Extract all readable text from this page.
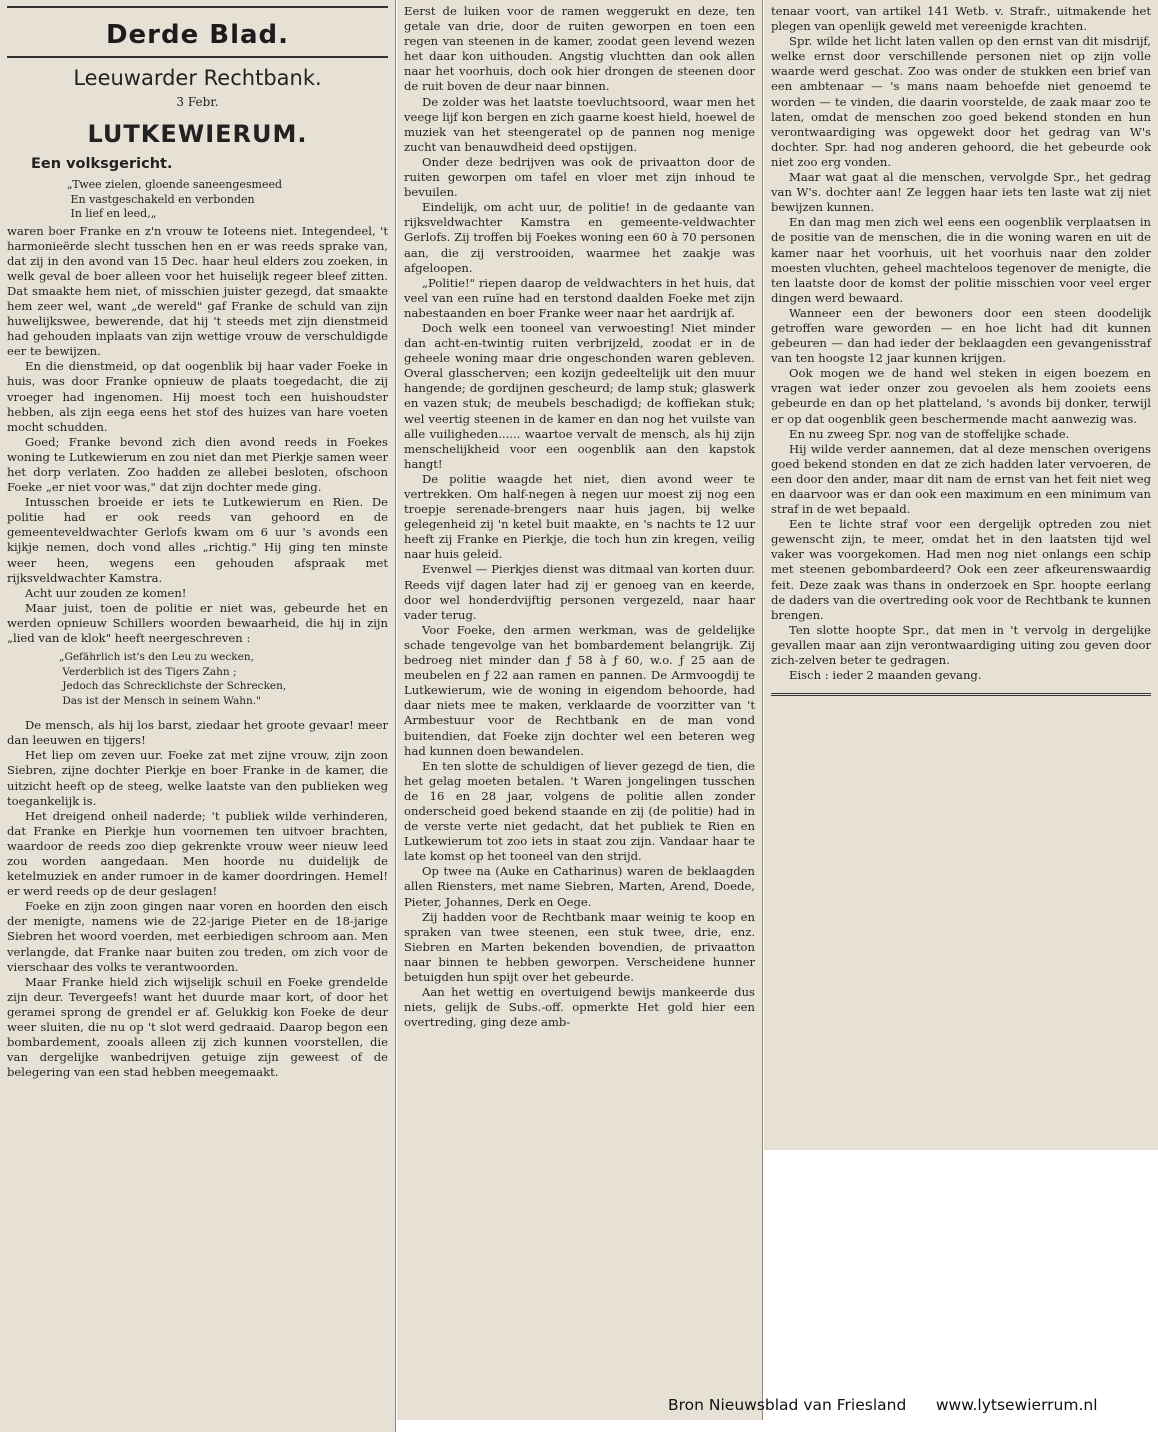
Derde Blad.
Leeuwarder Rechtbank.
3 Febr.
LUTKEWIERUM.
Een volksgericht.
„Twee zielen, gloende saneengesmeed
En vastgeschakeld en verbonden
In lief en leed,„

waren boer Franke en z'n vrouw te Ioteens niet. Integendeel, 't harmonieërde slecht tusschen hen en er was reeds sprake van, dat zij in den avond van 15 Dec. haar heul elders zou zoeken, in welk geval de boer alleen voor het huiselijk regeer bleef zitten. Dat smaakte hem niet, of misschien juister gezegd, dat smaakte hem zeer wel, want „de wereld" gaf Franke de schuld van zijn huwelijksweе, bewerende, dat hij 't steeds met zijn dienstmeid had gehouden inplaats van zijn wettige vrouw de verschuldigde eer te bewijzen.

En die dienstmeid, op dat oogenblik bij haar vader Foeke in huis, was door Franke opnieuw de plaats toegedacht, die zij vroeger had ingenomen. Hij moest toch een huishoudster hebben, als zijn eega eens het stof des huizes van hare voeten mocht schudden.

Goed; Franke bevond zich dien avond reeds in Foekes woning te Lutkewierum en zou niet dan met Pierkje samen weer het dorp verlaten. Zoo hadden ze allebei besloten, ofschoon Foeke „er niet voor was," dat zijn dochter mede ging.

Intusschen broeide er iets te Lutkewierum en Rien. De politie had er ook reeds van gehoord en de gemeenteveldwachter Gerlofs kwam om 6 uur 's avonds een kijkje nemen, doch vond alles „richtig." Hij ging ten minste weer heen, wegens een gehouden afspraak met rijksveldwachter Kamstra.

Acht uur zouden ze komen!

Maar juist, toen de politie er niet was, gebeurde het en werden opnieuw Schillers woorden bewaarheid, die hij in zijn „lied van de klok" heeft neergeschreven :

„Gefährlich ist's den Leu zu wecken,
Verderblich ist des Tigers Zahn ;
Jedoch das Schrecklichste der Schrecken,
Das ist der Mensch in seinem Wahn."

De mensch, als hij los barst, ziedaar het groote gevaar! meer dan leeuwen en tijgers!

Het liep om zeven uur. Foeke zat met zijne vrouw, zijn zoon Siebren, zijne dochter Pierkje en boer Franke in de kamer, die uitzicht heeft op de steeg, welke laatste van den publieken weg toegankelijk is.

Het dreigend onheil naderde; 't publiek wilde verhinderen, dat Franke en Pierkje hun voornemen ten uitvoer brachten, waardoor de reeds zoo diep gekrenkte vrouw weer nieuw leed zou worden aangedaan. Men hoorde nu duidelijk de ketelmuziek en ander rumoer in de kamer doordringen. Hemel! er werd reeds op de deur geslagen!

Foeke en zijn zoon gingen naar voren en hoorden den eisch der menigte, namens wie de 22-jarige Pieter en de 18-jarige Siebren het woord voerden, met eerbiedigen schroom aan. Men verlangde, dat Franke naar buiten zou treden, om zich voor de vierschaar des volks te verantwoorden.

Maar Franke hield zich wijselijk schuil en Foeke grendelde zijn deur. Tevergeefs! want het duurde maar kort, of door het geramei sprong de grendel er af. Gelukkig kon Foeke de deur weer sluiten, die nu op 't slot werd gedraaid. Daarop begon een bombardement, zooals alleen zij zich kunnen voorstellen, die van dergelijke wanbedrijven getuige zijn geweest of de belegering van een stad hebben meegemaakt.

Eerst de luiken voor de ramen weggerukt en deze, ten getale van drie, door de ruiten geworpen en toen een regen van steenen in de kamer, zoodat geen levend wezen het daar kon uithouden. Angstig vluchtten dan ook allen naar het voorhuis, doch ook hier drongen de steenen door de ruit boven de deur naar binnen.

De zolder was het laatste toevluchtsoord, waar men het veege lijf kon bergen en zich gaarne koest hield, hoewel de muziek van het steengeratel op de pannen nog menige zucht van benauwdheid deed opstijgen.

Onder deze bedrijven was ook de privaatton door de ruiten geworpen om tafel en vloer met zijn inhoud te bevuilen.

Eindelijk, om acht uur, de politie! in de gedaante van rijksveldwachter Kamstra en gemeente-veldwachter Gerlofs. Zij troffen bij Foekes woning een 60 à 70 personen aan, die zij verstrooiden, waarmee het zaakje was afgeloopen.

„Politie!" riepen daarop de veldwachters in het huis, dat veel van een ruïne had en terstond daalden Foeke met zijn nabestaanden en boer Franke weer naar het aardrijk af.

Doch welk een tooneel van verwoesting! Niet minder dan acht-en-twintig ruiten verbrijzeld, zoodat er in de geheele woning maar drie ongeschonden waren gebleven. Overal glasscherven; een kozijn gedeeltelijk uit den muur hangende; de gordijnen gescheurd; de lamp stuk; glaswerk en vazen stuk; de meubels beschadigd; de koffiekan stuk; wel veertig steenen in de kamer en dan nog het vuilste van alle vuiligheden...... waartoe vervalt de mensch, als hij zijn menschelijkheid voor een oogenblik aan den kapstok hangt!

De politie waagde het niet, dien avond weer te vertrekken. Om half-negen à negen uur moest zij nog een troepje serenade-brengers naar huis jagen, bij welke gelegenheid zij 'n ketel buit maakte, en 's nachts te 12 uur heeft zij Franke en Pierkje, die toch hun zin kregen, veilig naar huis geleid.

Evenwel — Pierkjes dienst was ditmaal van korten duur. Reeds vijf dagen later had zij er genoeg van en keerde, door wel honderdvijftig personen vergezeld, naar haar vader terug.

Voor Foeke, den armen werkman, was de geldelijke schade tengevolge van het bombardement belangrijk. Zij bedroeg niet minder dan ƒ 58 à ƒ 60, w.o. ƒ 25 aan de meubelen en ƒ 22 aan ramen en pannen. De Armvoogdij te Lutkewierum, wie de woning in eigendom behoorde, had daar niets mee te maken, verklaarde de voorzitter van 't Armbestuur voor de Rechtbank en de man vond buitendien, dat Foeke zijn dochter wel een beteren weg had kunnen doen bewandelen.

En ten slotte de schuldigen of liever gezegd de tien, die het gelag moeten betalen. 't Waren jongelingen tusschen de 16 en 28 jaar, volgens de politie allen zonder onderscheid goed bekend staande en zij (de politie) had in de verste verte niet gedacht, dat het publiek te Rien en Lutkewierum tot zoo iets in staat zou zijn. Vandaar haar te late komst op het tooneel van den strijd.

Op twee na (Auke en Catharinus) waren de beklaagden allen Riensters, met name Siebren, Marten, Arend, Doede, Pieter, Johannes, Derk en Oege.

Zij hadden voor de Rechtbank maar weinig te koop en spraken van twee steenen, een stuk twee, drie, enz. Siebren en Marten bekenden bovendien, de privaatton naar binnen te hebben geworpen. Verscheidene hunner betuigden hun spijt over het gebeurde.

Aan het wettig en overtuigend bewijs mankeerde dus niets, gelijk de Subs.-off. opmerkte Het gold hier een overtreding, ging deze amb-

tenaar voort, van artikel 141 Wetb. v. Strafr., uitmakende het plegen van openlijk geweld met vereenigde krachten.

Spr. wilde het licht laten vallen op den ernst van dit misdrijf, welke ernst door verschillende personen niet op zijn volle waarde werd geschat. Zoo was onder de stukken een brief van een ambtenaar — 's mans naam behoefde niet genoemd te worden — te vinden, die daarin voorstelde, de zaak maar zoo te laten, omdat de menschen zoo goed bekend stonden en hun verontwaardiging was opgewekt door het gedrag van W's dochter. Spr. had nog anderen gehoord, die het gebeurde ook niet zoo erg vonden.

Maar wat gaat al die menschen, vervolgde Spr., het gedrag van W's. dochter aan! Ze leggen haar iets ten laste wat zij niet bewijzen kunnen.

En dan mag men zich wel eens een oogenblik verplaatsen in de positie van de menschen, die in die woning waren en uit de kamer naar het voorhuis, uit het voorhuis naar den zolder moesten vluchten, geheel machteloos tegenover de menigte, die ten laatste door de komst der politie misschien voor veel erger dingen werd bewaard.

Wanneer een der bewoners door een steen doodelijk getroffen ware geworden — en hoe licht had dit kunnen gebeuren — dan had ieder der beklaagden een gevangenisstraf van ten hoogste 12 jaar kunnen krijgen.

Ook mogen we de hand wel steken in eigen boezem en vragen wat ieder onzer zou gevoelen als hem zooiets eens gebeurde en dan op het platteland, 's avonds bij donker, terwijl er op dat oogenblik geen beschermende macht aanwezig was.

En nu zweeg Spr. nog van de stoffelijke schade.

Hij wilde verder aannemen, dat al deze menschen overigens goed bekend stonden en dat ze zich hadden later vervoeren, de een door den ander, maar dit nam de ernst van het feit niet weg en daarvoor was er dan ook een maximum en een minimum van straf in de wet bepaald.

Een te lichte straf voor een dergelijk optreden zou niet gewenscht zijn, te meer, omdat het in den laatsten tijd wel vaker was voorgekomen. Had men nog niet onlangs een schip met steenen gebombardeerd? Ook een zeer afkeurenswaardig feit. Deze zaak was thans in onderzoek en Spr. hoopte eerlang de daders van die overtreding ook voor de Rechtbank te kunnen brengen.

Ten slotte hoopte Spr., dat men in 't vervolg in dergelijke gevallen maar aan zijn verontwaardiging uiting zou geven door zich-zelven beter te gedragen.

Eisch : ieder 2 maanden gevang.

Bron Nieuwsblad van Friesland www.lytsewierrum.nl
